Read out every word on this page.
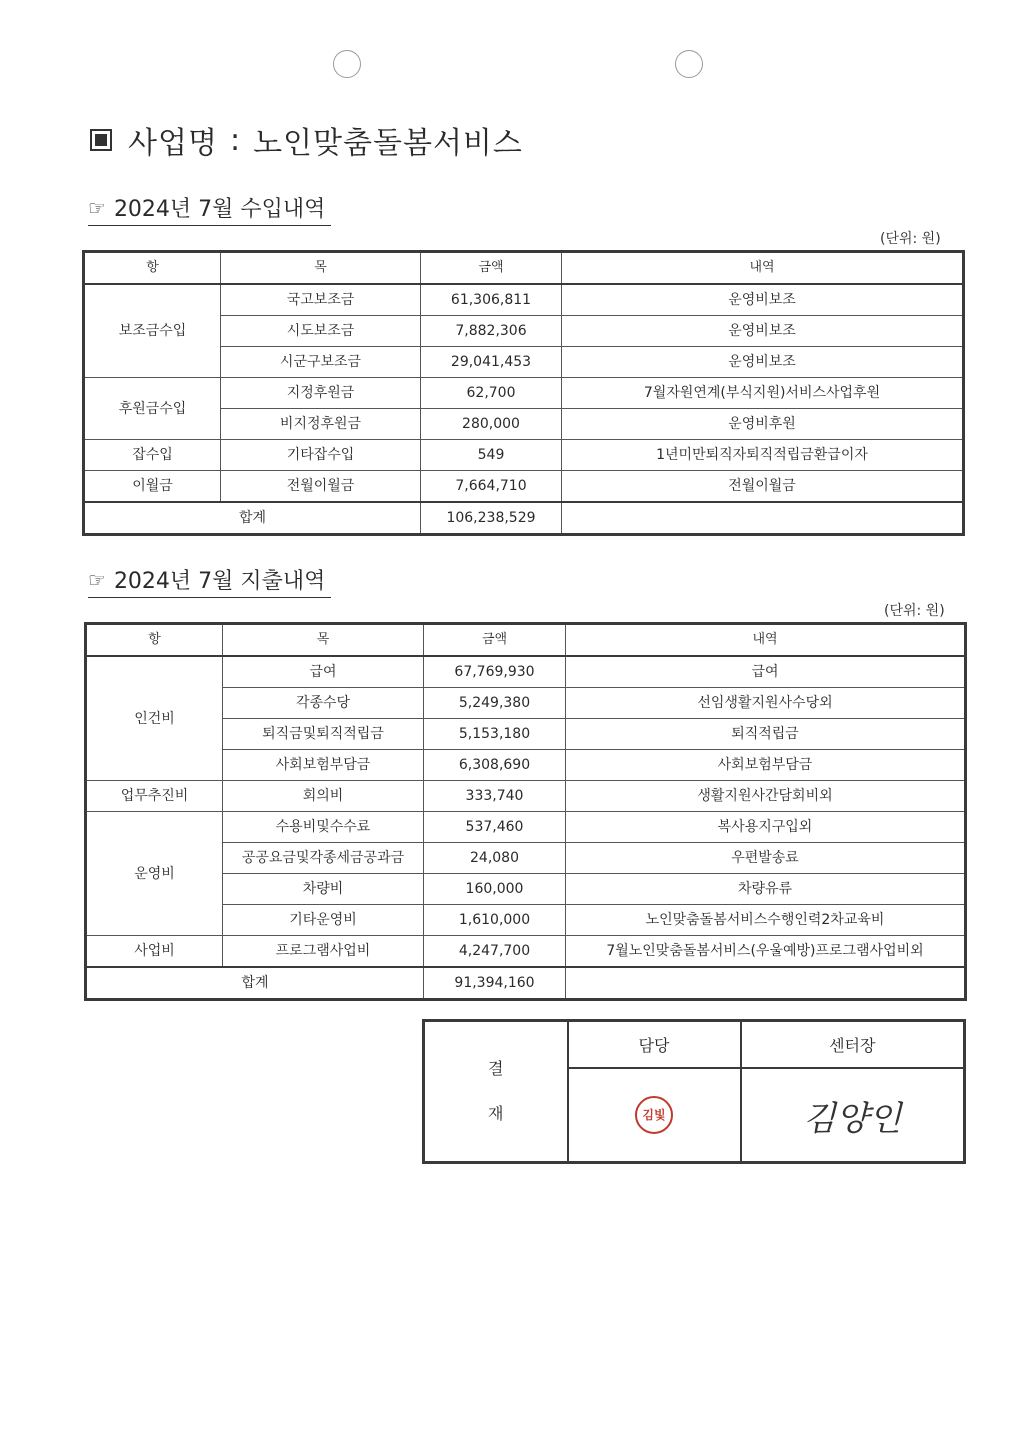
사업명 : 노인맞춤돌봄서비스
☞ 2024년 7월 수입내역
(단위: 원)
항	목	금액	내역
보조금수입	국고보조금	61,306,811	운영비보조
	시도보조금	7,882,306	운영비보조
	시군구보조금	29,041,453	운영비보조
후원금수입	지정후원금	62,700	7월자원연계(부식지원)서비스사업후원
	비지정후원금	280,000	운영비후원
잡수입	기타잡수입	549	1년미만퇴직자퇴직적립금환급이자
이월금	전월이월금	7,664,710	전월이월금
합계		106,238,529	
☞ 2024년 7월 지출내역
(단위: 원)
항	목	금액	내역
인건비	급여	67,769,930	급여
	각종수당	5,249,380	선임생활지원사수당외
	퇴직금및퇴직적립금	5,153,180	퇴직적립금
	사회보험부담금	6,308,690	사회보험부담금
업무추진비	회의비	333,740	생활지원사간담회비외
운영비	수용비및수수료	537,460	복사용지구입외
	공공요금및각종세금공과금	24,080	우편발송료
	차량비	160,000	차량유류
	기타운영비	1,610,000	노인맞춤돌봄서비스수행인력2차교육비
사업비	프로그램사업비	4,247,700	7월노인맞춤돌봄서비스(우울예방)프로그램사업비외
합계		91,394,160	
결
재	담당	센터장
	김빛	김양인
